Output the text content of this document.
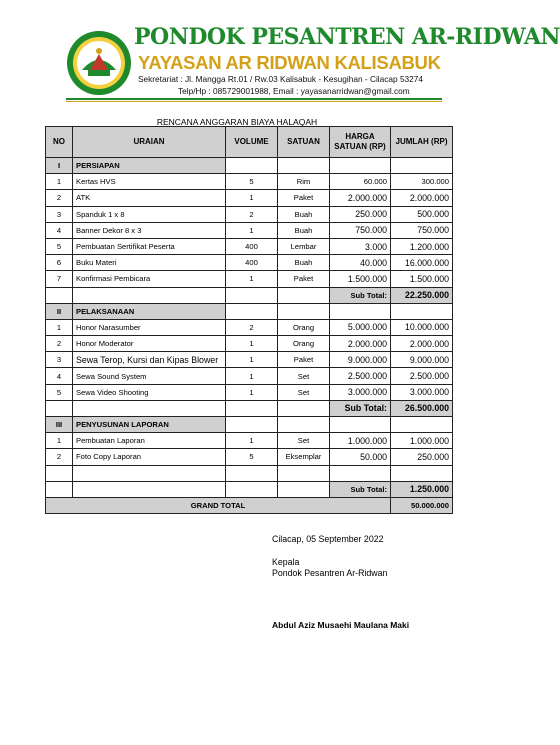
PONDOK PESANTREN AR-RIDWAN
YAYASAN AR RIDWAN KALISABUK
Sekretariat : Jl. Mangga Rt.01 / Rw.03 Kalisabuk - Kesugihan - Cilacap 53274
Telp/Hp : 085729001988, Email : yayasanarridwan@gmail.com
RENCANA ANGGARAN BIAYA HALAQAH
NO	URAIAN	VOLUME	SATUAN	HARGA SATUAN (RP)	JUMLAH (RP)
I	PERSIAPAN				
1	Kertas HVS	5	Rim	60.000	300.000
2	ATK	1	Paket	2.000.000	2.000.000
3	Spanduk 1 x 8	2	Buah	250.000	500.000
4	Banner Dekor 8 x 3	1	Buah	750.000	750.000
5	Pembuatan Sertifikat Peserta	400	Lembar	3.000	1.200.000
6	Buku Materi	400	Buah	40.000	16.000.000
7	Konfirmasi Pembicara	1	Paket	1.500.000	1.500.000
				Sub Total:	22.250.000
II	PELAKSANAAN				
1	Honor Narasumber	2	Orang	5.000.000	10.000.000
2	Honor Moderator	1	Orang	2.000.000	2.000.000
3	Sewa Terop, Kursi dan Kipas Blower	1	Paket	9.000.000	9.000.000
4	Sewa Sound System	1	Set	2.500.000	2.500.000
5	Sewa Video Shooting	1	Set	3.000.000	3.000.000
				Sub Total:	26.500.000
III	PENYUSUNAN LAPORAN				
1	Pembuatan Laporan	1	Set	1.000.000	1.000.000
2	Foto Copy Laporan	5	Eksemplar	50.000	250.000

				Sub Total:	1.250.000
GRAND TOTAL					50.000.000
Cilacap, 05 September 2022
Kepala
Pondok Pesantren Ar-Ridwan
Abdul Aziz Musaehi Maulana Maki
